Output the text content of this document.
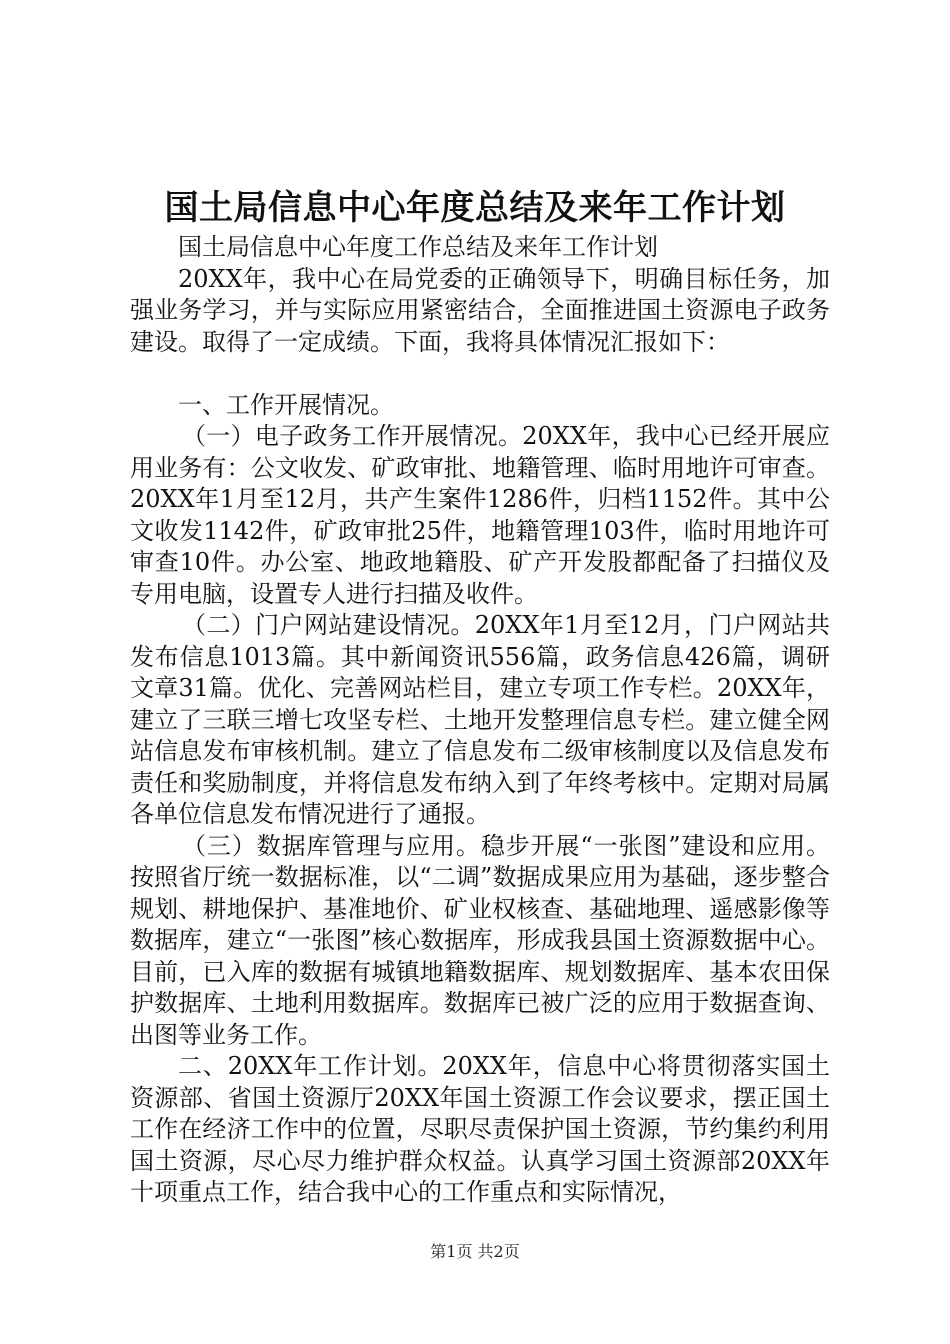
国土局信息中心年度总结及来年工作计划

国土局信息中心年度工作总结及来年工作计划

20XX年，我中心在局党委的正确领导下，明确目标任务，加强业务学习，并与实际应用紧密结合，全面推进国土资源电子政务建设。取得了一定成绩。下面，我将具体情况汇报如下：

一、工作开展情况。

（一）电子政务工作开展情况。20XX年，我中心已经开展应用业务有：公文收发、矿政审批、地籍管理、临时用地许可审查。20XX年1月至12月，共产生案件1286件，归档1152件。其中公文收发1142件，矿政审批25件，地籍管理103件，临时用地许可审查10件。办公室、地政地籍股、矿产开发股都配备了扫描仪及专用电脑，设置专人进行扫描及收件。

（二）门户网站建设情况。20XX年1月至12月，门户网站共发布信息1013篇。其中新闻资讯556篇，政务信息426篇，调研文章31篇。优化、完善网站栏目，建立专项工作专栏。20XX年，建立了三联三增七攻坚专栏、土地开发整理信息专栏。建立健全网站信息发布审核机制。建立了信息发布二级审核制度以及信息发布责任和奖励制度，并将信息发布纳入到了年终考核中。定期对局属各单位信息发布情况进行了通报。

（三）数据库管理与应用。稳步开展“一张图”建设和应用。按照省厅统一数据标准，以“二调”数据成果应用为基础，逐步整合规划、耕地保护、基准地价、矿业权核查、基础地理、遥感影像等数据库，建立“一张图”核心数据库，形成我县国土资源数据中心。目前，已入库的数据有城镇地籍数据库、规划数据库、基本农田保护数据库、土地利用数据库。数据库已被广泛的应用于数据查询、出图等业务工作。

二、20XX年工作计划。20XX年，信息中心将贯彻落实国土资源部、省国土资源厅20XX年国土资源工作会议要求，摆正国土工作在经济工作中的位置，尽职尽责保护国土资源，节约集约利用国土资源，尽心尽力维护群众权益。认真学习国土资源部20XX年十项重点工作，结合我中心的工作重点和实际情况，

第1页 共2页
